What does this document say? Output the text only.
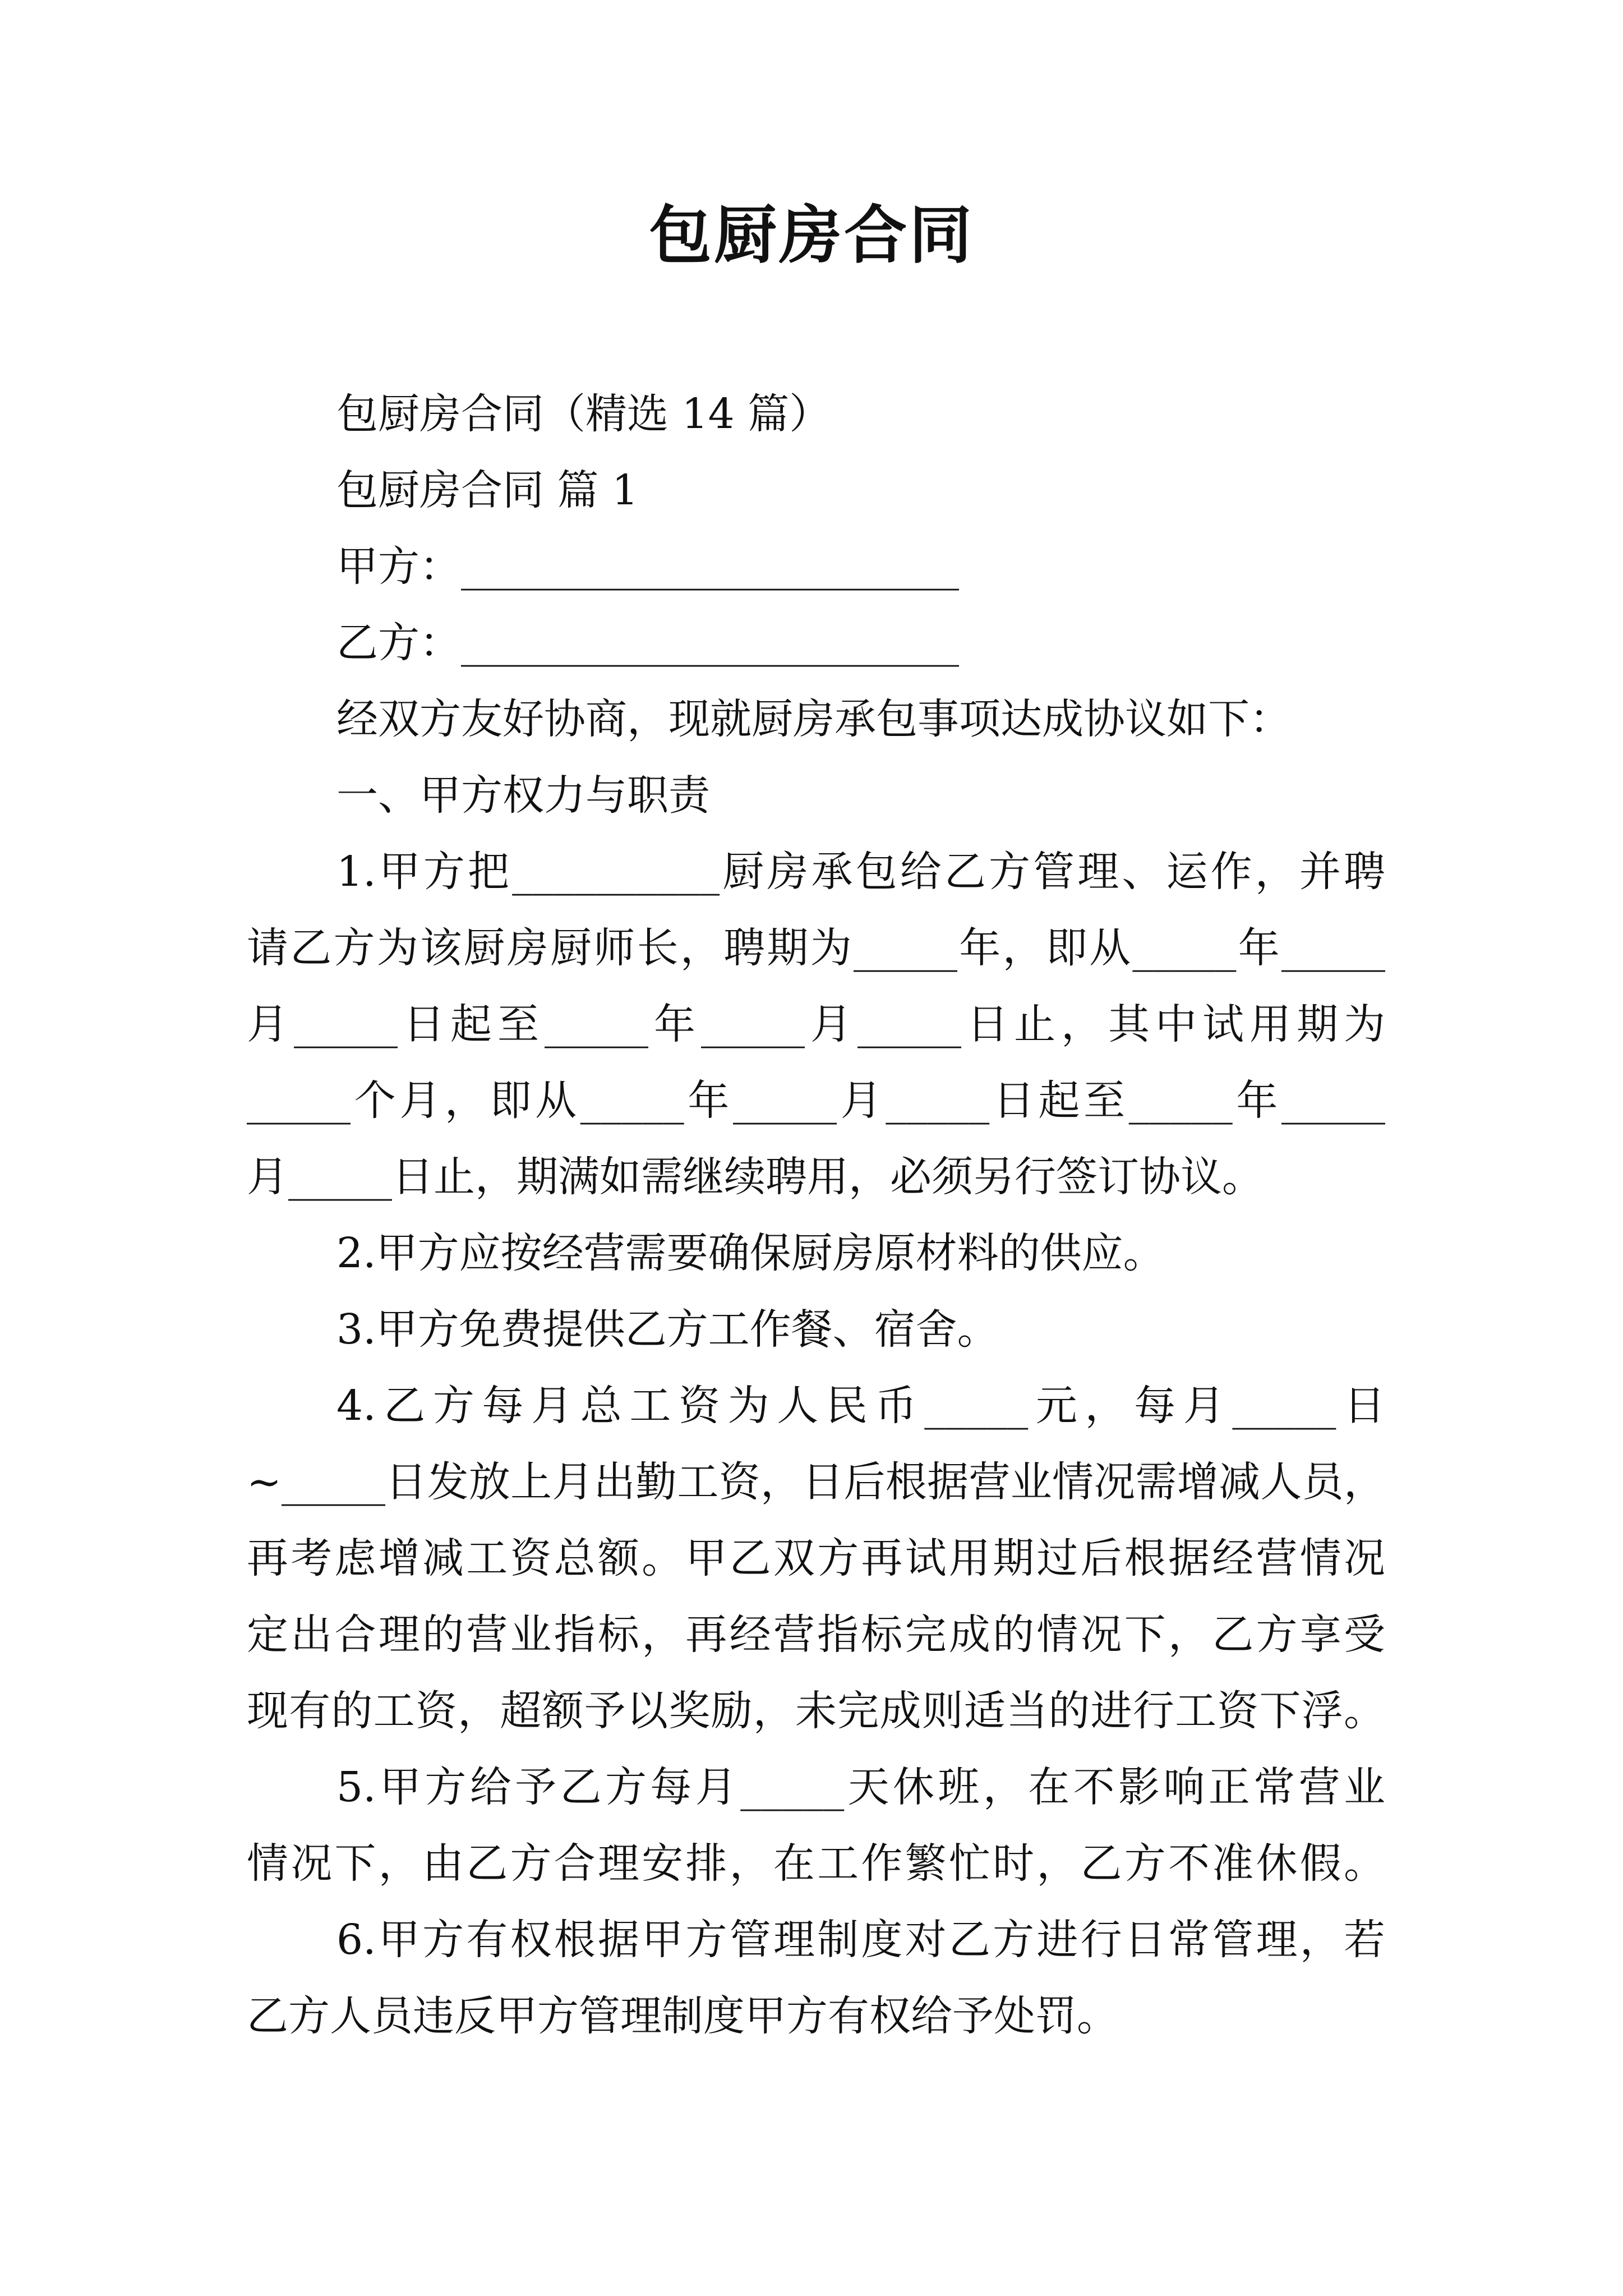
包厨房合同
包厨房合同（精选 14 篇）
包厨房合同 篇 1
甲方：________________________
乙方：________________________
经双方友好协商，现就厨房承包事项达成协议如下：
一、甲方权力与职责
1.甲方把__________厨房承包给乙方管理、运作，并聘
请乙方为该厨房厨师长，聘期为_____年，即从_____年_____
月_____日起至_____年_____月_____日止，其中试用期为
_____个月，即从_____年_____月_____日起至_____年_____
月_____日止，期满如需继续聘用，必须另行签订协议。
2.甲方应按经营需要确保厨房原材料的供应。
3.甲方免费提供乙方工作餐、宿舍。
4.乙方每月总工资为人民币_____元，每月_____日
~_____日发放上月出勤工资，日后根据营业情况需增减人员，
再考虑增减工资总额。甲乙双方再试用期过后根据经营情况
定出合理的营业指标，再经营指标完成的情况下，乙方享受
现有的工资，超额予以奖励，未完成则适当的进行工资下浮。
5.甲方给予乙方每月_____天休班，在不影响正常营业
情况下，由乙方合理安排，在工作繁忙时，乙方不准休假。
6.甲方有权根据甲方管理制度对乙方进行日常管理，若
乙方人员违反甲方管理制度甲方有权给予处罚。
